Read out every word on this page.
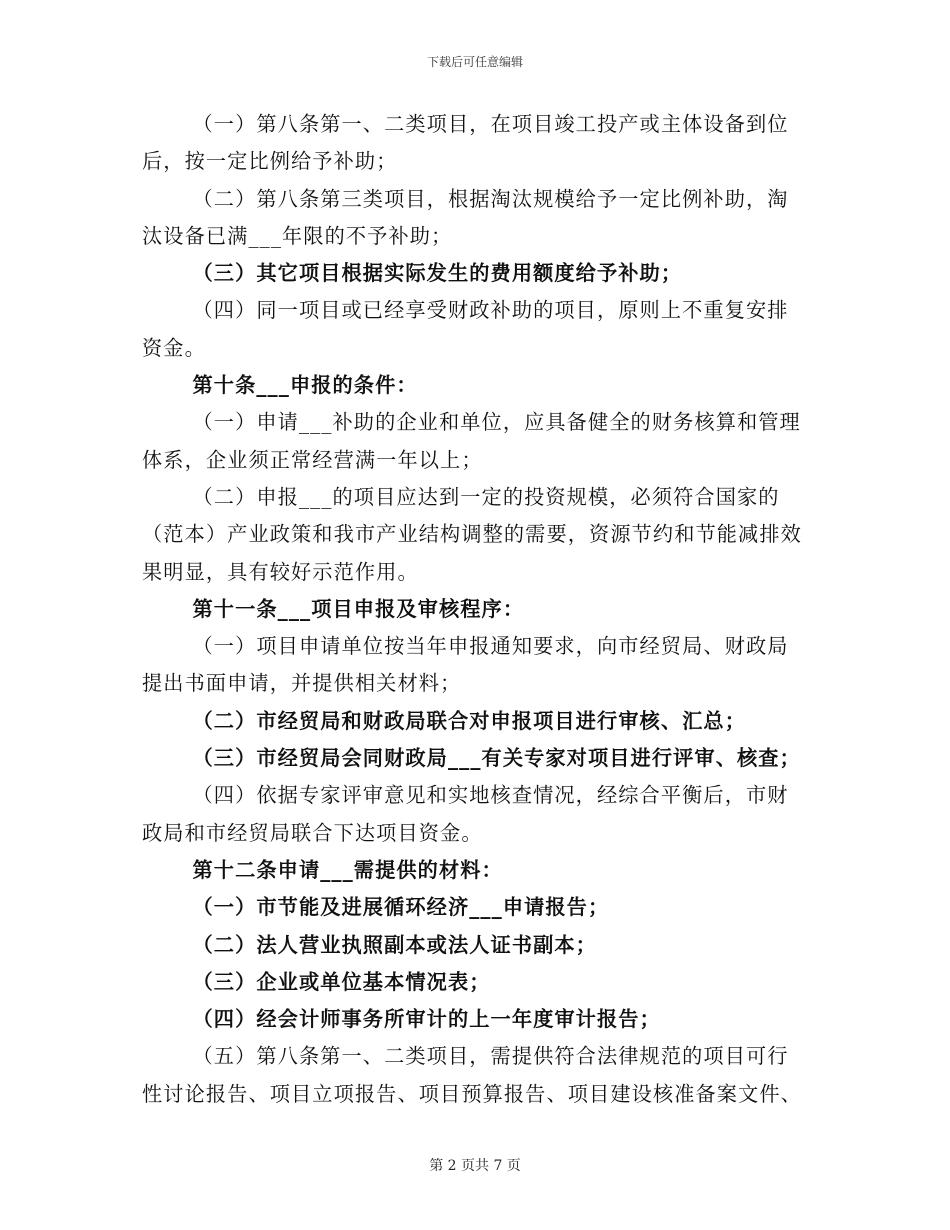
下载后可任意编辑

（一）第八条第一、二类项目，在项目竣工投产或主体设备到位后，按一定比例给予补助；

（二）第八条第三类项目，根据淘汰规模给予一定比例补助，淘汰设备已满___年限的不予补助；

（三）其它项目根据实际发生的费用额度给予补助；

（四）同一项目或已经享受财政补助的项目，原则上不重复安排资金。

第十条___申报的条件：

（一）申请___补助的企业和单位，应具备健全的财务核算和管理体系，企业须正常经营满一年以上；

（二）申报___的项目应达到一定的投资规模，必须符合国家的（范本）产业政策和我市产业结构调整的需要，资源节约和节能减排效果明显，具有较好示范作用。

第十一条___项目申报及审核程序：

（一）项目申请单位按当年申报通知要求，向市经贸局、财政局提出书面申请，并提供相关材料；

（二）市经贸局和财政局联合对申报项目进行审核、汇总；

（三）市经贸局会同财政局___有关专家对项目进行评审、核查；

（四）依据专家评审意见和实地核查情况，经综合平衡后，市财政局和市经贸局联合下达项目资金。

第十二条申请___需提供的材料：

（一）市节能及进展循环经济___申请报告；

（二）法人营业执照副本或法人证书副本；

（三）企业或单位基本情况表；

（四）经会计师事务所审计的上一年度审计报告；

（五）第八条第一、二类项目，需提供符合法律规范的项目可行性讨论报告、项目立项报告、项目预算报告、项目建设核准备案文件、

第 2 页共 7 页
